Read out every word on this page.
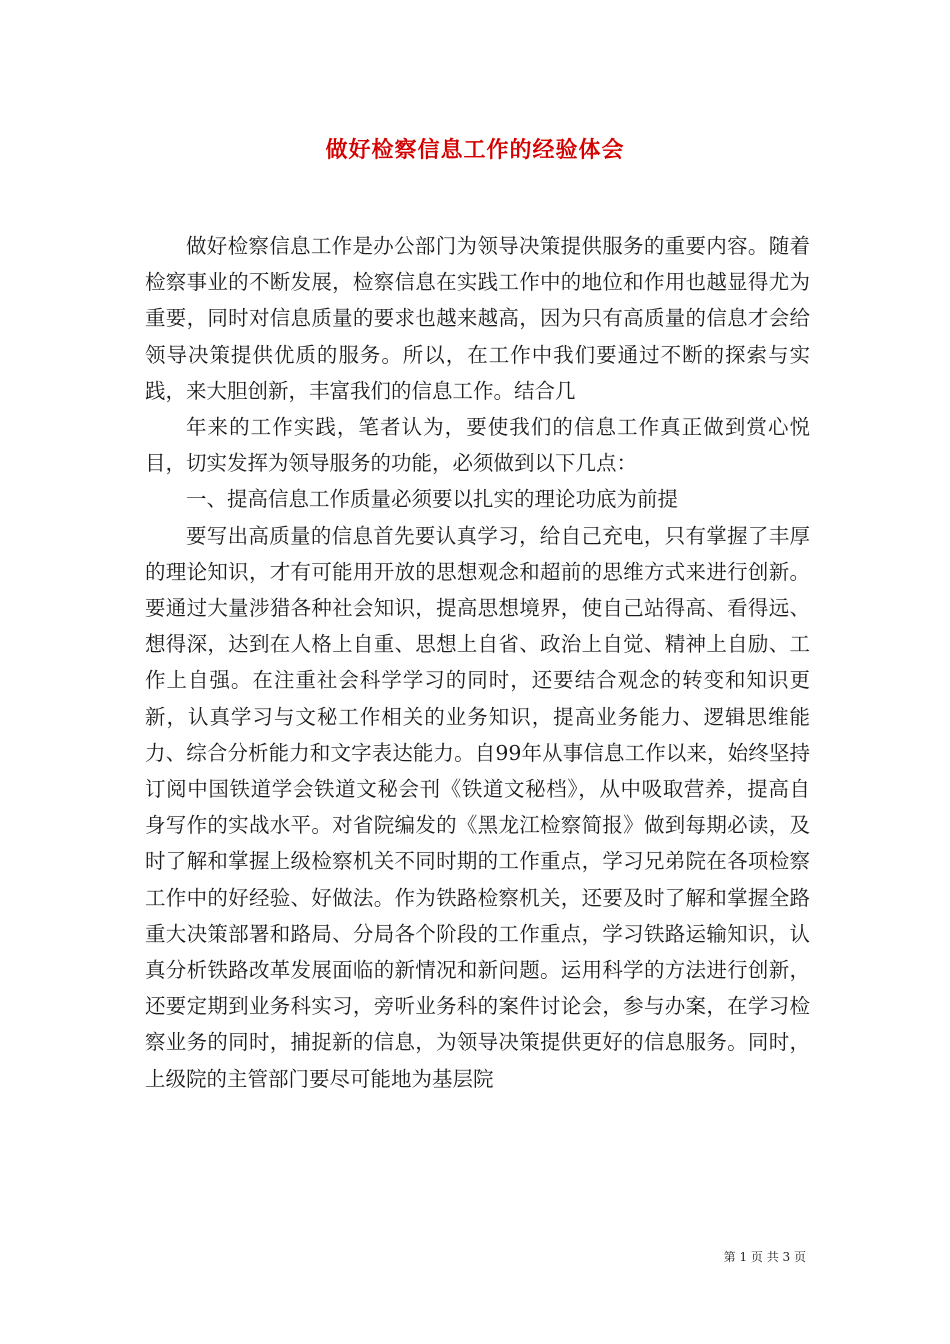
做好检察信息工作的经验体会

做好检察信息工作是办公部门为领导决策提供服务的重要内容。随着检察事业的不断发展，检察信息在实践工作中的地位和作用也越显得尤为重要，同时对信息质量的要求也越来越高，因为只有高质量的信息才会给领导决策提供优质的服务。所以，在工作中我们要通过不断的探索与实践，来大胆创新，丰富我们的信息工作。结合几

年来的工作实践，笔者认为，要使我们的信息工作真正做到赏心悦目，切实发挥为领导服务的功能，必须做到以下几点：

一、提高信息工作质量必须要以扎实的理论功底为前提

要写出高质量的信息首先要认真学习，给自己充电，只有掌握了丰厚的理论知识，才有可能用开放的思想观念和超前的思维方式来进行创新。要通过大量涉猎各种社会知识，提高思想境界，使自己站得高、看得远、想得深，达到在人格上自重、思想上自省、政治上自觉、精神上自励、工作上自强。在注重社会科学学习的同时，还要结合观念的转变和知识更新，认真学习与文秘工作相关的业务知识，提高业务能力、逻辑思维能力、综合分析能力和文字表达能力。自99年从事信息工作以来，始终坚持订阅中国铁道学会铁道文秘会刊《铁道文秘档》，从中吸取营养，提高自身写作的实战水平。对省院编发的《黑龙江检察简报》做到每期必读，及时了解和掌握上级检察机关不同时期的工作重点，学习兄弟院在各项检察工作中的好经验、好做法。作为铁路检察机关，还要及时了解和掌握全路重大决策部署和路局、分局各个阶段的工作重点，学习铁路运输知识，认真分析铁路改革发展面临的新情况和新问题。运用科学的方法进行创新，还要定期到业务科实习，旁听业务科的案件讨论会，参与办案，在学习检察业务的同时，捕捉新的信息，为领导决策提供更好的信息服务。同时，上级院的主管部门要尽可能地为基层院

第 1 页 共 3 页
